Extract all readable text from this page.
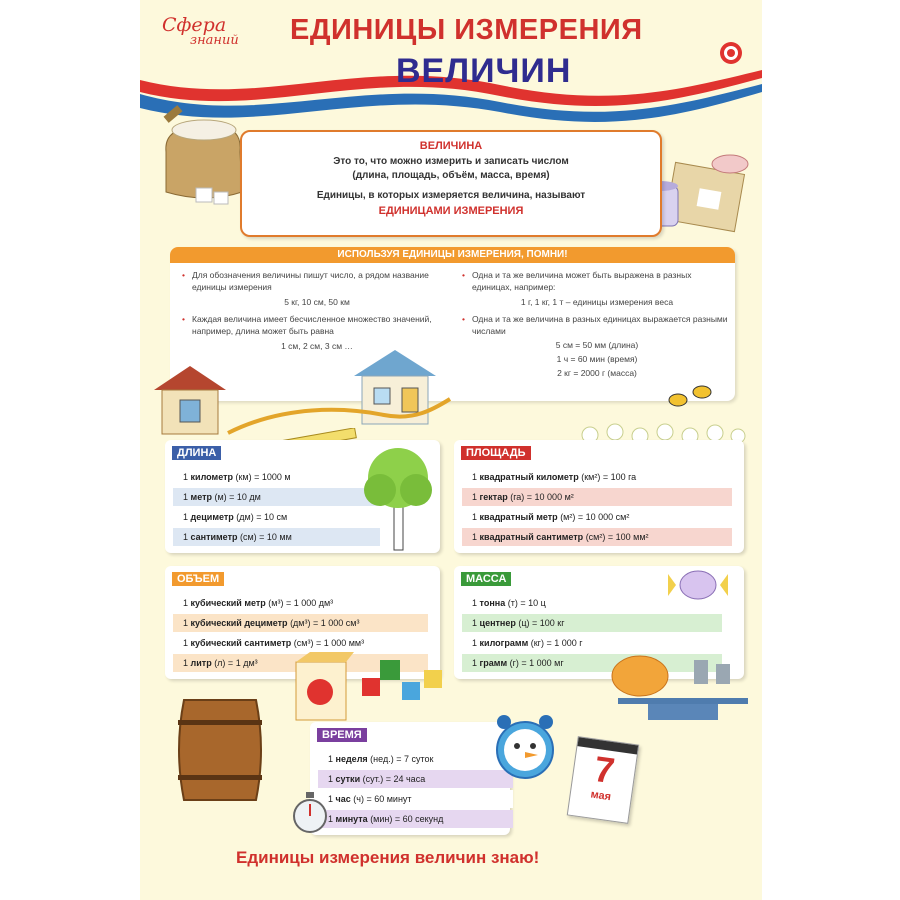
Сфера
знаний ЕДИНИЦЫ ИЗМЕРЕНИЯ
ВЕЛИЧИН
ВЕЛИЧИНА
Это то, что можно измерить и записать числом
(длина, площадь, объём, масса, время)
Единицы, в которых измеряется величина, называют
ЕДИНИЦАМИ ИЗМЕРЕНИЯ
ИСПОЛЬЗУЯ ЕДИНИЦЫ ИЗМЕРЕНИЯ, ПОМНИ!
• Для обозначения величины пишут число, а рядом название единицы измерения
5 кг, 10 см, 50 км
• Каждая величина имеет бесчисленное множество значений, например, длина может быть равна
1 см, 2 см, 3 см …
• Одна и та же величина может быть выражена в разных единицах, например:
1 г, 1 кг, 1 т – единицы измерения веса
• Одна и та же величина в разных единицах выражается разными числами
5 см = 50 мм (длина)
1 ч = 60 мин (время)
2 кг = 2000 г (масса)
ДЛИНА
1 километр (км) = 1000 м
1 метр (м) = 10 дм
1 дециметр (дм) = 10 см
1 сантиметр (см) = 10 мм
ПЛОЩАДЬ
1 квадратный километр (км²) = 100 га
1 гектар (га) = 10 000 м²
1 квадратный метр (м²) = 10 000 см²
1 квадратный сантиметр (см²) = 100 мм²
ОБЪЕМ
1 кубический метр (м³) = 1 000 дм³
1 кубический дециметр (дм³) = 1 000 см³
1 кубический сантиметр (см³) = 1 000 мм³
1 литр (л) = 1 дм³
МАССА
1 тонна (т) = 10 ц
1 центнер (ц) = 100 кг
1 килограмм (кг) = 1 000 г
1 грамм (г) = 1 000 мг
ВРЕМЯ
1 неделя (нед.) = 7 суток
1 сутки (сут.) = 24 часа
1 час (ч) = 60 минут
1 минута (мин) = 60 секунд
7
мая
Единицы измерения величин знаю!
